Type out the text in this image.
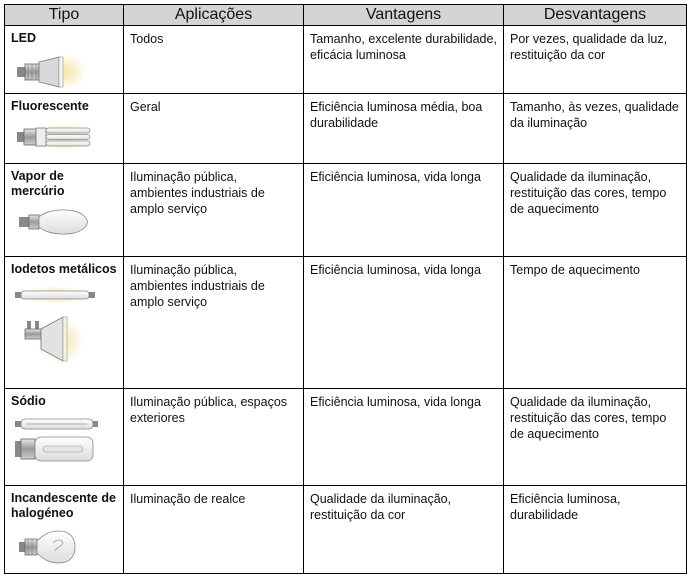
Tipo	Aplicações	Vantagens	Desvantagens

LED	Todos	Tamanho, excelente durabilidade, eficácia luminosa	Por vezes, qualidade da luz, restituição da cor

Fluorescente	Geral	Eficiência luminosa média, boa durabilidade	Tamanho, às vezes, qualidade da iluminação

Vapor de mercúrio	Iluminação pública, ambientes industriais de amplo serviço	Eficiência luminosa, vida longa	Qualidade da iluminação, restituição das cores, tempo de aquecimento

Iodetos metálicos	Iluminação pública, ambientes industriais de amplo serviço	Eficiência luminosa, vida longa	Tempo de aquecimento

Sódio	Iluminação pública, espaços exteriores	Eficiência luminosa, vida longa	Qualidade da iluminação, restituição das cores, tempo de aquecimento

Incandescente de halogéneo	Iluminação de realce	Qualidade da iluminação, restituição da cor	Eficiência luminosa, durabilidade
